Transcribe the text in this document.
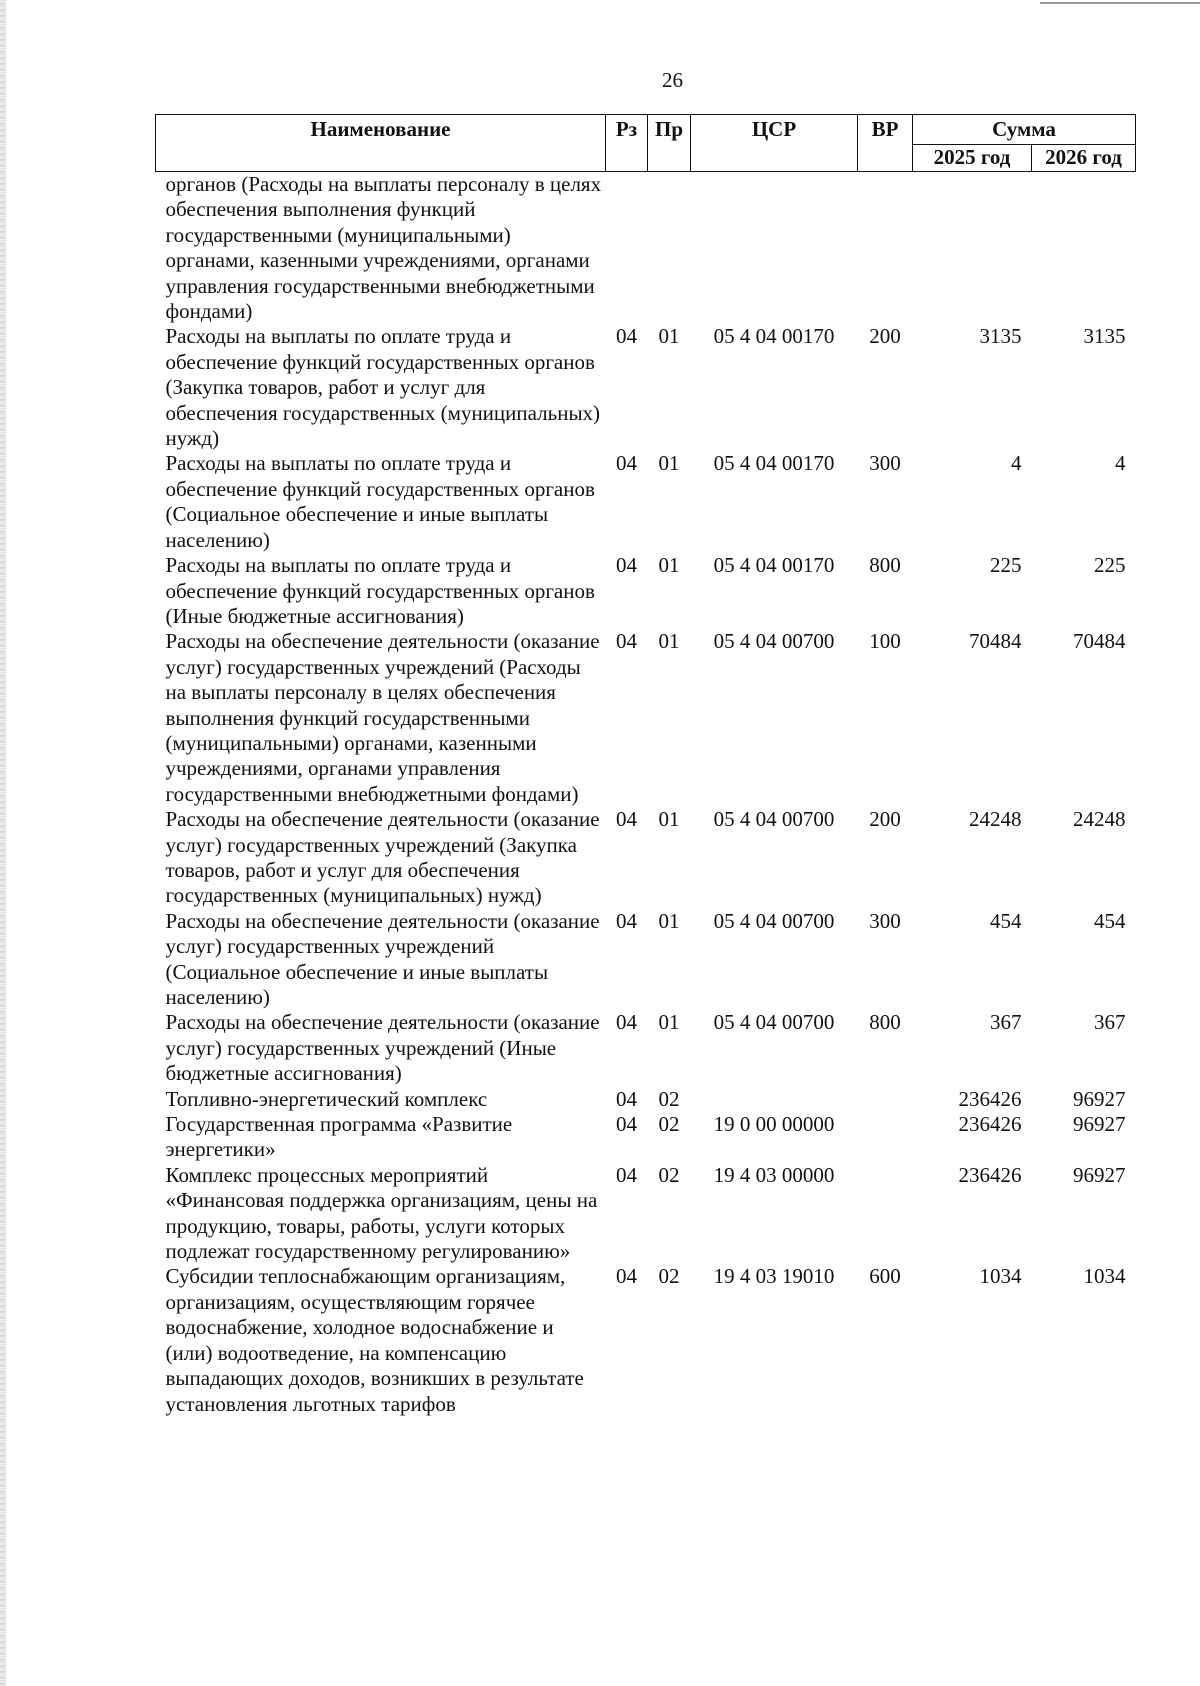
26
Наименование	Рз	Пр	ЦСР	ВР	Сумма	
					2025 год	2026 год
органов (Расходы на выплаты персоналу в целях обеспечения выполнения функций государственными (муниципальными) органами, казенными учреждениями, органами управления государственными внебюджетными фондами)						
Расходы на выплаты по оплате труда и обеспечение функций государственных органов (Закупка товаров, работ и услуг для обеспечения государственных (муниципальных) нужд)	04	01	05 4 04 00170	200	3135	3135
Расходы на выплаты по оплате труда и обеспечение функций государственных органов (Социальное обеспечение и иные выплаты населению)	04	01	05 4 04 00170	300	4	4
Расходы на выплаты по оплате труда и обеспечение функций государственных органов (Иные бюджетные ассигнования)	04	01	05 4 04 00170	800	225	225
Расходы на обеспечение деятельности (оказание услуг) государственных учреждений (Расходы на выплаты персоналу в целях обеспечения выполнения функций государственными (муниципальными) органами, казенными учреждениями, органами управления государственными внебюджетными фондами)	04	01	05 4 04 00700	100	70484	70484
Расходы на обеспечение деятельности (оказание услуг) государственных учреждений (Закупка товаров, работ и услуг для обеспечения государственных (муниципальных) нужд)	04	01	05 4 04 00700	200	24248	24248
Расходы на обеспечение деятельности (оказание услуг) государственных учреждений (Социальное обеспечение и иные выплаты населению)	04	01	05 4 04 00700	300	454	454
Расходы на обеспечение деятельности (оказание услуг) государственных учреждений (Иные бюджетные ассигнования)	04	01	05 4 04 00700	800	367	367
Топливно-энергетический комплекс	04	02			236426	96927
Государственная программа «Развитие энергетики»	04	02	19 0 00 00000		236426	96927
Комплекс процессных мероприятий «Финансовая поддержка организациям, цены на продукцию, товары, работы, услуги которых подлежат государственному регулированию»	04	02	19 4 03 00000		236426	96927
Субсидии теплоснабжающим организациям, организациям, осуществляющим горячее водоснабжение, холодное водоснабжение и (или) водоотведение, на компенсацию выпадающих доходов, возникших в результате установления льготных тарифов	04	02	19 4 03 19010	600	1034	1034
